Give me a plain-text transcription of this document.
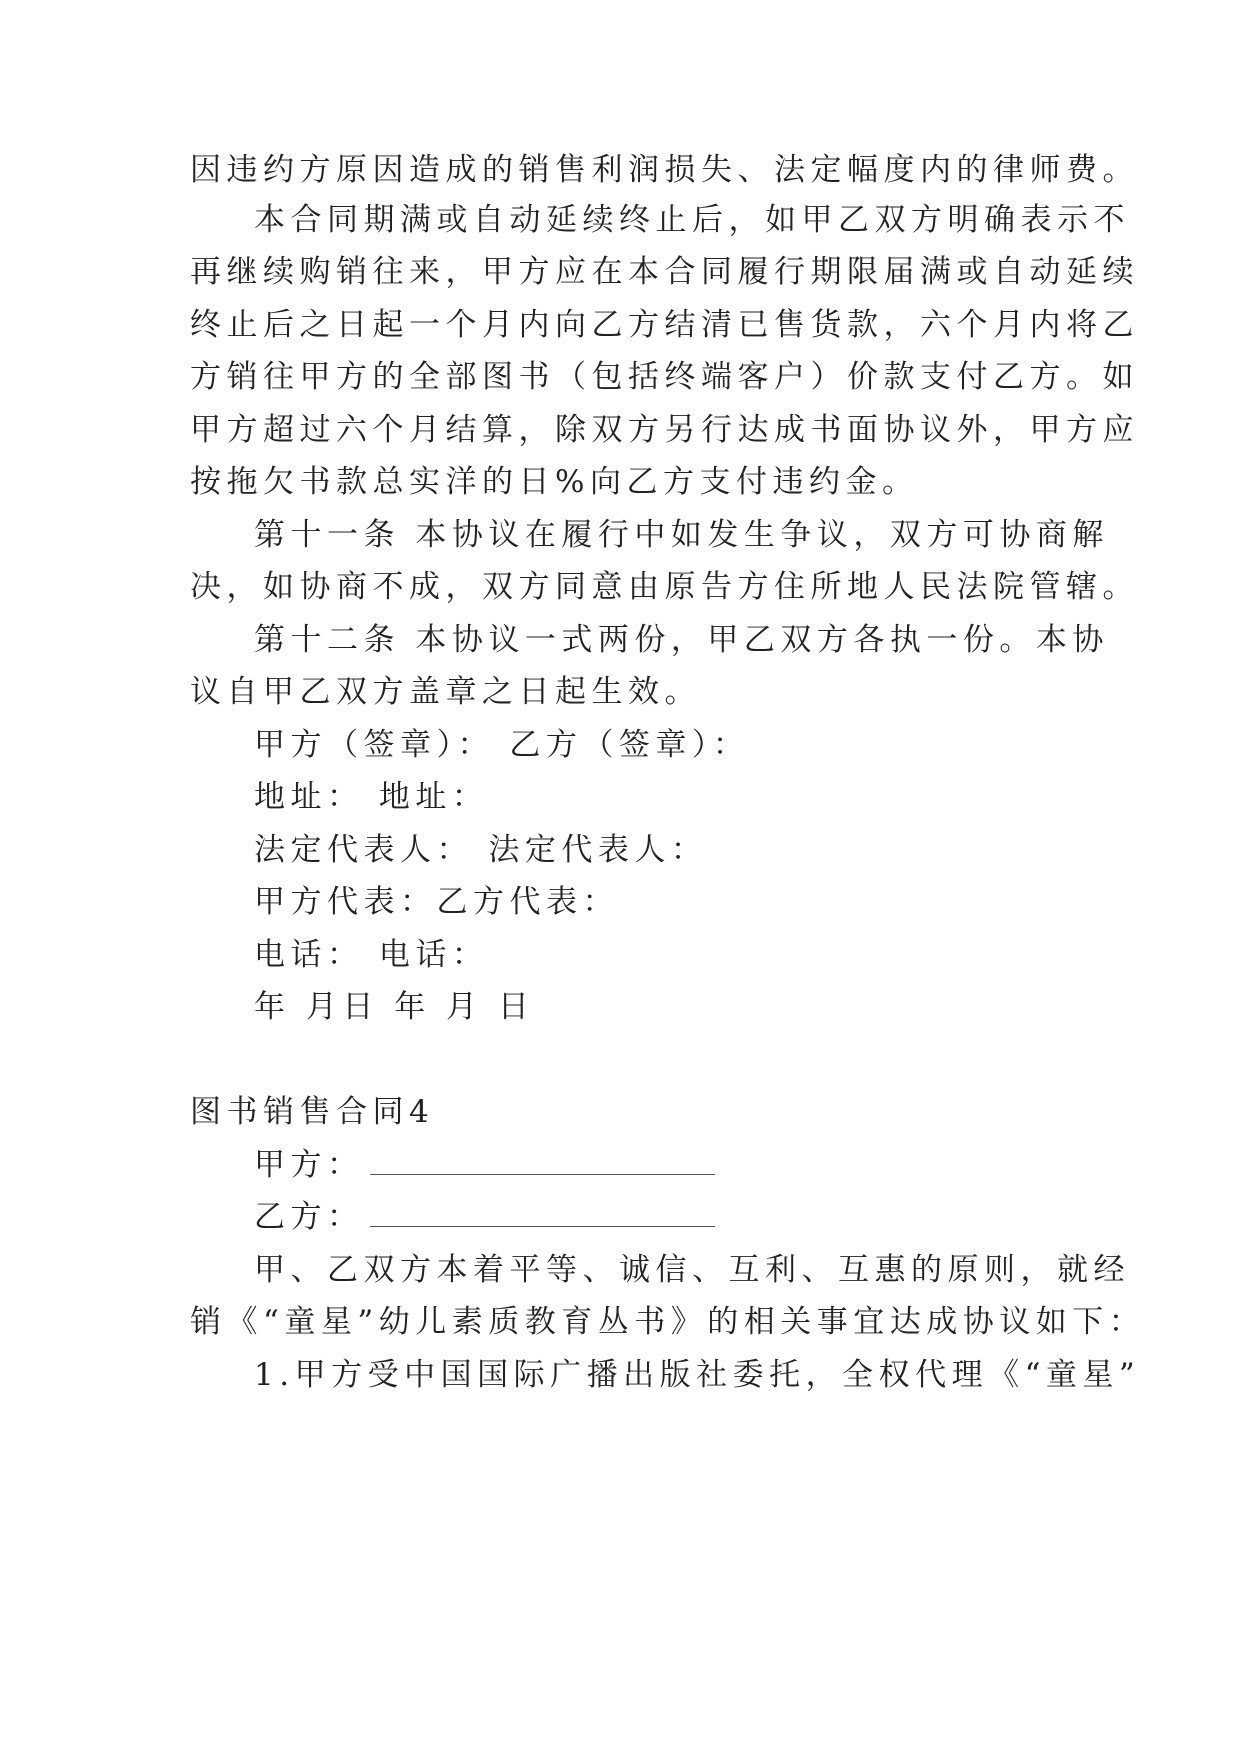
因违约方原因造成的销售利润损失、法定幅度内的律师费。
本合同期满或自动延续终止后，如甲乙双方明确表示不
再继续购销往来，甲方应在本合同履行期限届满或自动延续
终止后之日起一个月内向乙方结清已售货款，六个月内将乙
方销往甲方的全部图书（包括终端客户）价款支付乙方。如
甲方超过六个月结算，除双方另行达成书面协议外，甲方应
按拖欠书款总实洋的日%向乙方支付违约金。
第十一条 本协议在履行中如发生争议，双方可协商解
决，如协商不成，双方同意由原告方住所地人民法院管辖。
第十二条 本协议一式两份，甲乙双方各执一份。本协
议自甲乙双方盖章之日起生效。
甲方（签章）： 乙方（签章）：
地址： 地址：
法定代表人： 法定代表人：
甲方代表：乙方代表：
电话： 电话：
年 月日 年 月 日
图书销售合同4
甲方：
乙方：
甲、乙双方本着平等、诚信、互利、互惠的原则，就经
销《“童星”幼儿素质教育丛书》的相关事宜达成协议如下：
1.甲方受中国国际广播出版社委托，全权代理《“童星”
